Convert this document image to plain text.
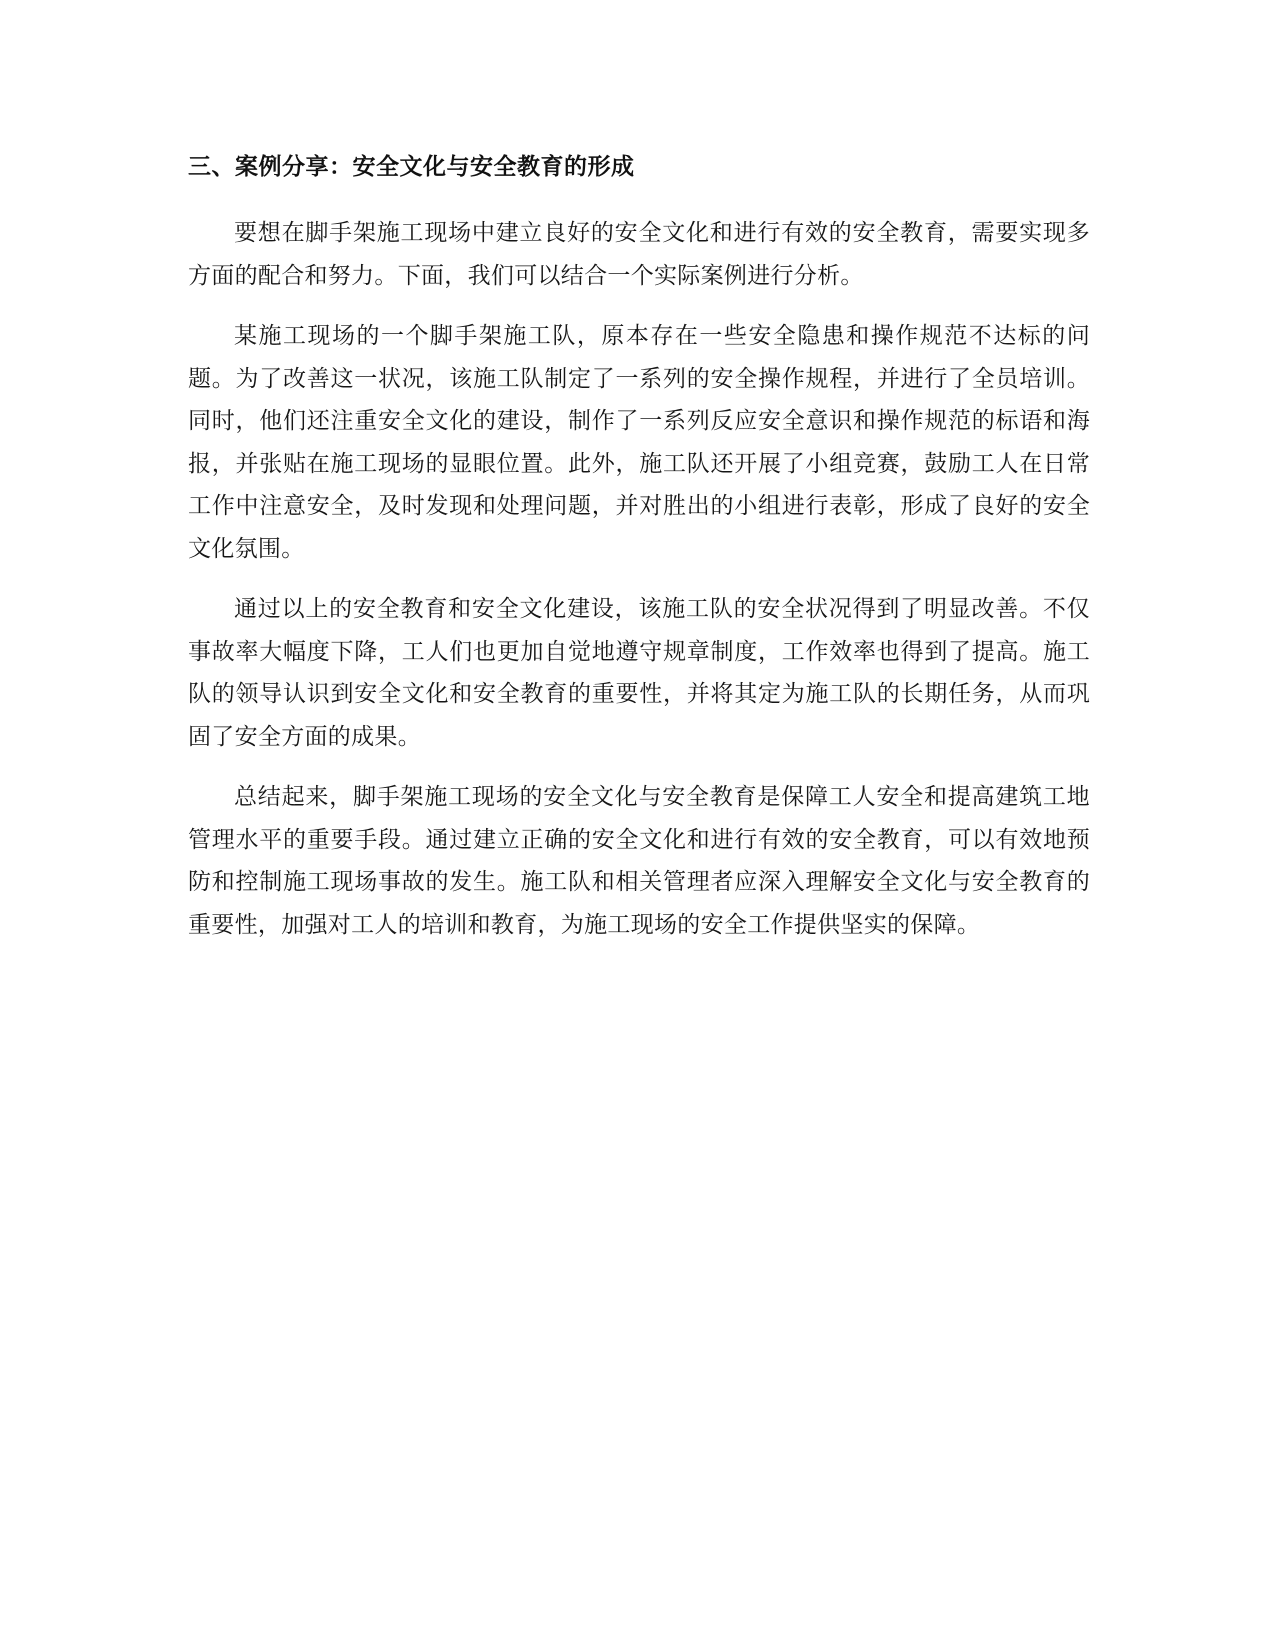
三、案例分享：安全文化与安全教育的形成

要想在脚手架施工现场中建立良好的安全文化和进行有效的安全教育，需要实现多方面的配合和努力。下面，我们可以结合一个实际案例进行分析。

某施工现场的一个脚手架施工队，原本存在一些安全隐患和操作规范不达标的问题。为了改善这一状况，该施工队制定了一系列的安全操作规程，并进行了全员培训。同时，他们还注重安全文化的建设，制作了一系列反应安全意识和操作规范的标语和海报，并张贴在施工现场的显眼位置。此外，施工队还开展了小组竞赛，鼓励工人在日常工作中注意安全，及时发现和处理问题，并对胜出的小组进行表彰，形成了良好的安全文化氛围。

通过以上的安全教育和安全文化建设，该施工队的安全状况得到了明显改善。不仅事故率大幅度下降，工人们也更加自觉地遵守规章制度，工作效率也得到了提高。施工队的领导认识到安全文化和安全教育的重要性，并将其定为施工队的长期任务，从而巩固了安全方面的成果。

总结起来，脚手架施工现场的安全文化与安全教育是保障工人安全和提高建筑工地管理水平的重要手段。通过建立正确的安全文化和进行有效的安全教育，可以有效地预防和控制施工现场事故的发生。施工队和相关管理者应深入理解安全文化与安全教育的重要性，加强对工人的培训和教育，为施工现场的安全工作提供坚实的保障。
